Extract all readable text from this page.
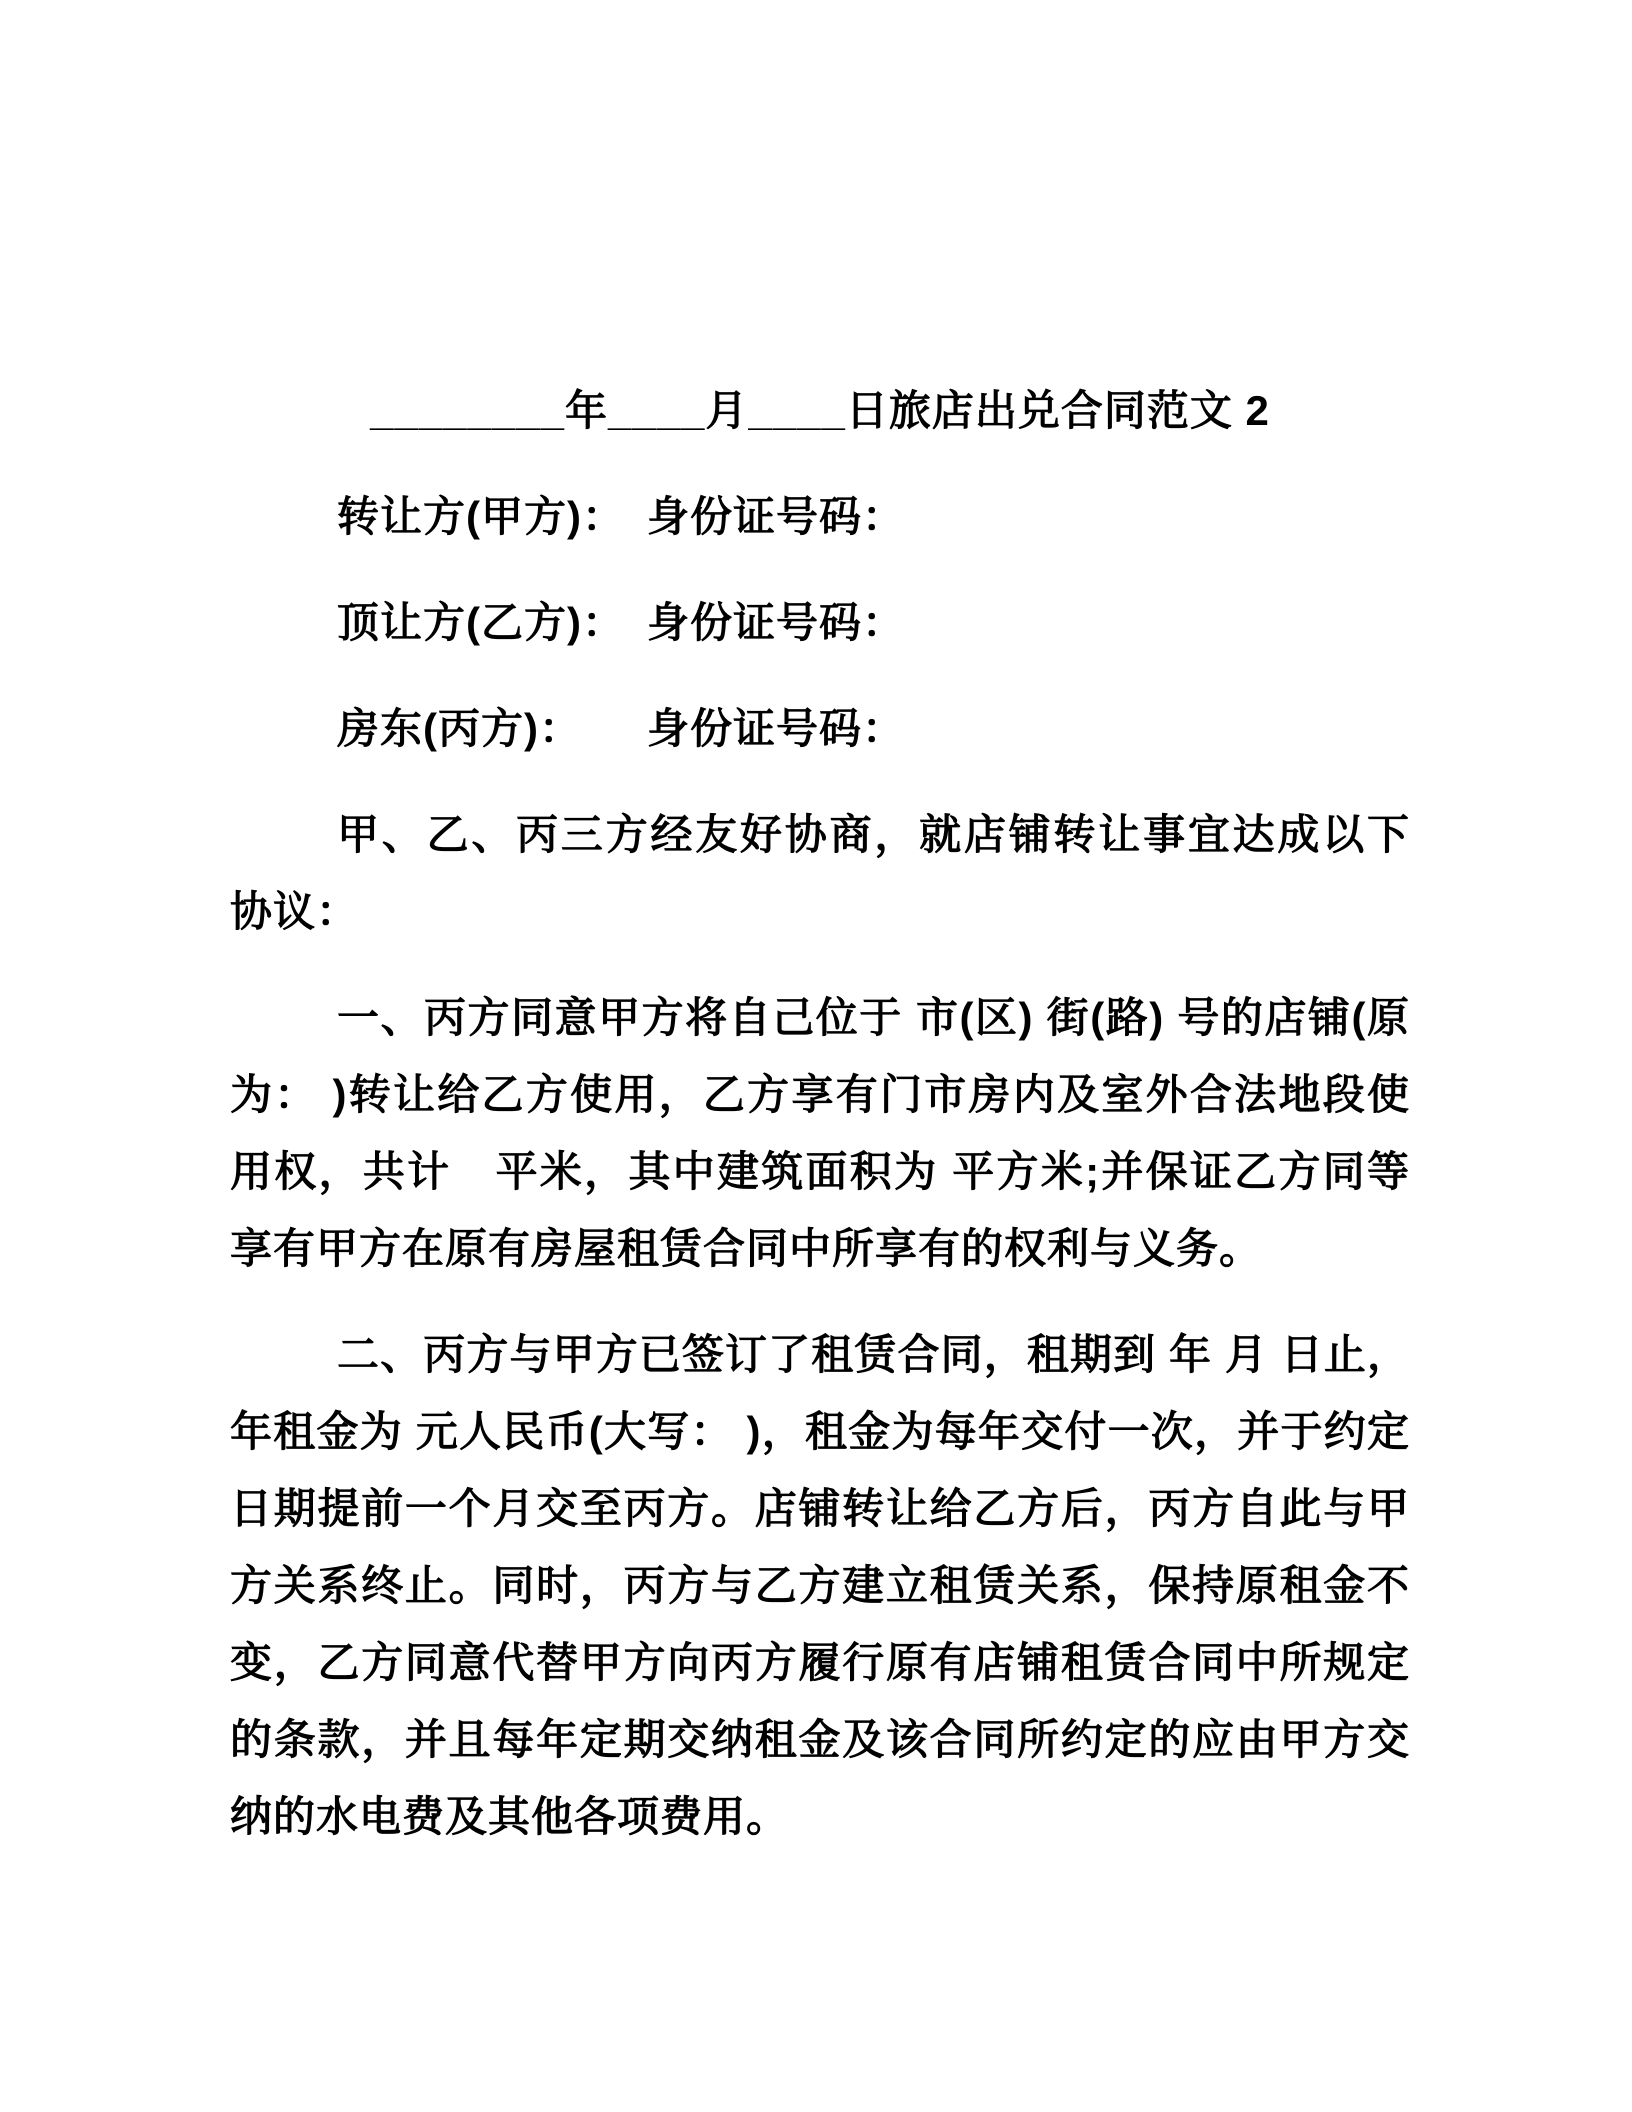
________年____月____日旅店出兑合同范文 2

转让方(甲方)：　身份证号码：

顶让方(乙方)：　身份证号码：

房东(丙方)：　　身份证号码：

甲、乙、丙三方经友好协商，就店铺转让事宜达成以下协议：

一、丙方同意甲方将自己位于 市(区) 街(路) 号的店铺(原为： )转让给乙方使用，乙方享有门市房内及室外合法地段使用权，共计　平米，其中建筑面积为 平方米;并保证乙方同等享有甲方在原有房屋租赁合同中所享有的权利与义务。

二、丙方与甲方已签订了租赁合同，租期到 年 月 日止，年租金为 元人民币(大写： )，租金为每年交付一次，并于约定日期提前一个月交至丙方。店铺转让给乙方后，丙方自此与甲方关系终止。同时，丙方与乙方建立租赁关系，保持原租金不变，乙方同意代替甲方向丙方履行原有店铺租赁合同中所规定的条款，并且每年定期交纳租金及该合同所约定的应由甲方交纳的水电费及其他各项费用。
